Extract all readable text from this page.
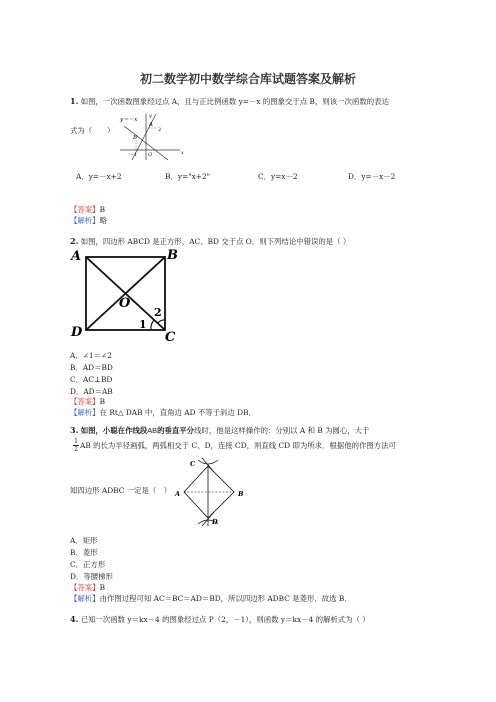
初二数学初中数学综合库试题答案及解析
1. 如图，一次函数图象经过点 A，且与正比例函数 y=－x 的图象交于点 B，则该一次函数的表达
y＝－x
y
x
A
B
2
－1 O
式为（　　）
A．y=－x+2	B．y="x+2"	C．y=x－2	D．y=－x－2
【答案】B
【解析】略
2. 如图，四边形 ABCD 是正方形，AC、BD 交于点 O．则下列结论中错误的是（ ）
A	B
C
D
O
1
2
A．∠1＝∠2
B．AD＝BD
C．AC⊥BD
D．AD＝AB
【答案】B
【解析】在 Rt△ DAB 中，直角边 AD 不等于斜边 DB．
3. 如图，小聪在作线段AB的垂直平分线时，他是这样操作的：分别以 A 和 B 为圆心，大于
$\frac{1}{2}$ AB 的长为半径画弧，两弧相交于 C、D，连接 CD，则直线 CD 即为所求．根据他的作图方法可
C
A	B
D
知四边形 ADBC 一定是（　）
A．矩形
B．菱形
C．正方形
D．等腰梯形
【答案】B
【解析】由作图过程可知 AC＝BC＝AD＝BD，所以四边形 ADBC 是菱形．故选 B．
4. 已知一次函数 y＝kx－4 的图象经过点 P（2，－1），则函数 y＝kx－4 的解析式为（ ）
